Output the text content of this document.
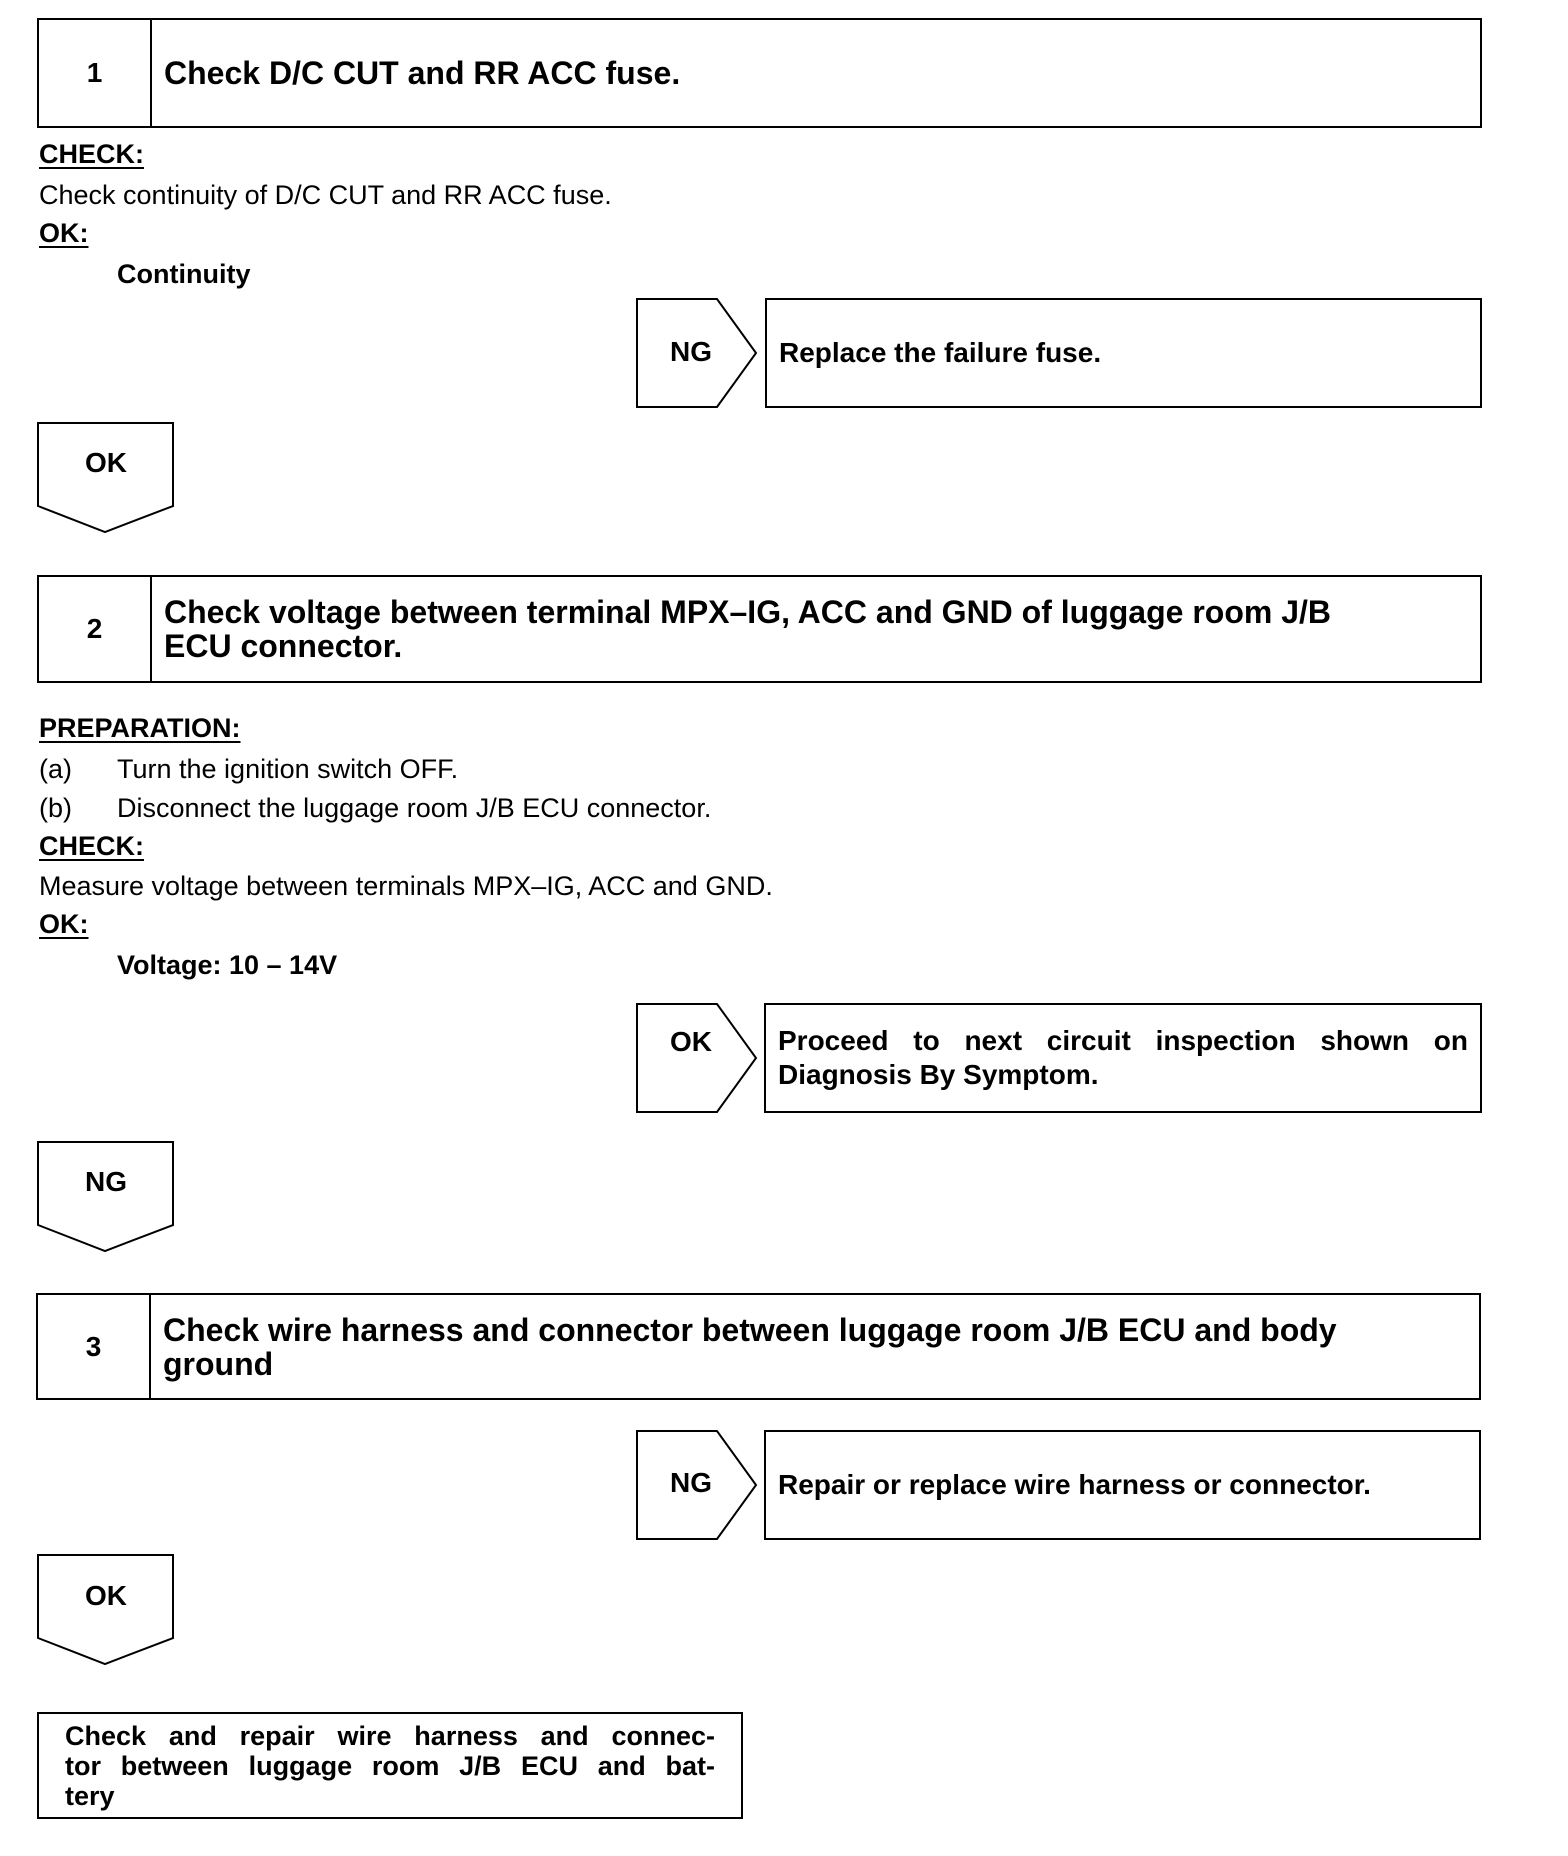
1	Check D/C CUT and RR ACC fuse.
CHECK:
Check continuity of D/C CUT and RR ACC fuse.
OK:
Continuity
NG	Replace the failure fuse.
OK
2	Check voltage between terminal MPX–IG, ACC and GND of luggage room J/B
ECU connector.
PREPARATION:
(a) Turn the ignition switch OFF.
(b) Disconnect the luggage room J/B ECU connector.
CHECK:
Measure voltage between terminals MPX–IG, ACC and GND.
OK:
Voltage: 10 – 14V
OK	Proceed to next circuit inspection shown on
Diagnosis By Symptom.
NG
3	Check wire harness and connector between luggage room J/B ECU and body
ground
NG	Repair or replace wire harness or connector.
OK
Check and repair wire harness and connec-
tor between luggage room J/B ECU and bat-
tery
